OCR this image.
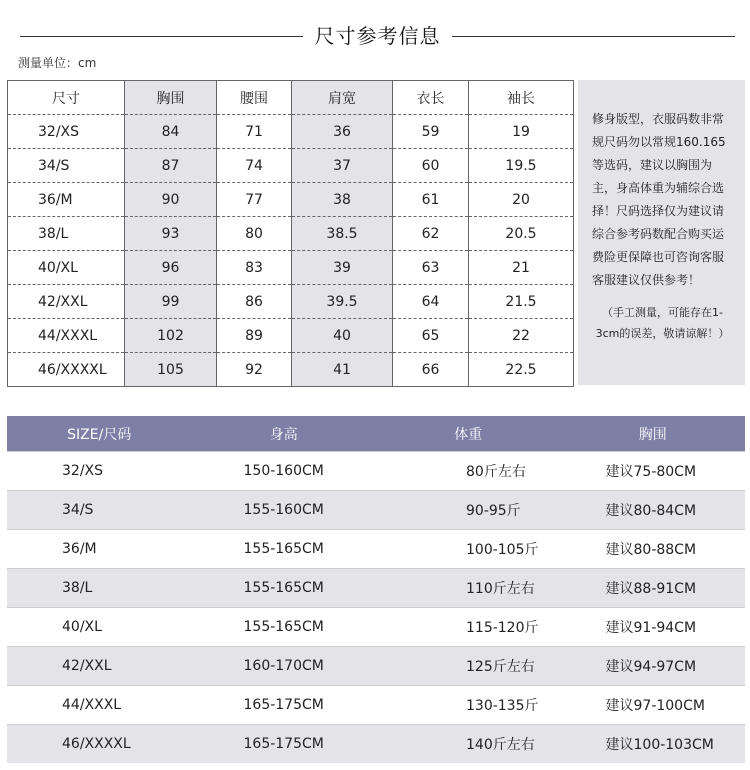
尺寸参考信息
测量单位：cm
尺寸	胸围	腰围	肩宽	衣长	袖长
32/XS	84	71	36	59	19
34/S	87	74	37	60	19.5
36/M	90	77	38	61	20
38/L	93	80	38.5	62	20.5
40/XL	96	83	39	63	21
42/XXL	99	86	39.5	64	21.5
44/XXXL	102	89	40	65	22
46/XXXXL	105	92	41	66	22.5
修身版型，衣服码数非常规尺码勿以常规160.165等选码，建议以胸围为主，身高体重为辅综合选择！尺码选择仅为建议请综合参考码数配合购买运费险更保障也可咨询客服客服建议仅供参考！
（手工测量，可能存在1-3cm的误差，敬请谅解！）
SIZE/尺码	身高	体重	胸围
32/XS	150-160CM	80斤左右	建议75-80CM
34/S	155-160CM	90-95斤	建议80-84CM
36/M	155-165CM	100-105斤	建议80-88CM
38/L	155-165CM	110斤左右	建议88-91CM
40/XL	155-165CM	115-120斤	建议91-94CM
42/XXL	160-170CM	125斤左右	建议94-97CM
44/XXXL	165-175CM	130-135斤	建议97-100CM
46/XXXXL	165-175CM	140斤左右	建议100-103CM
